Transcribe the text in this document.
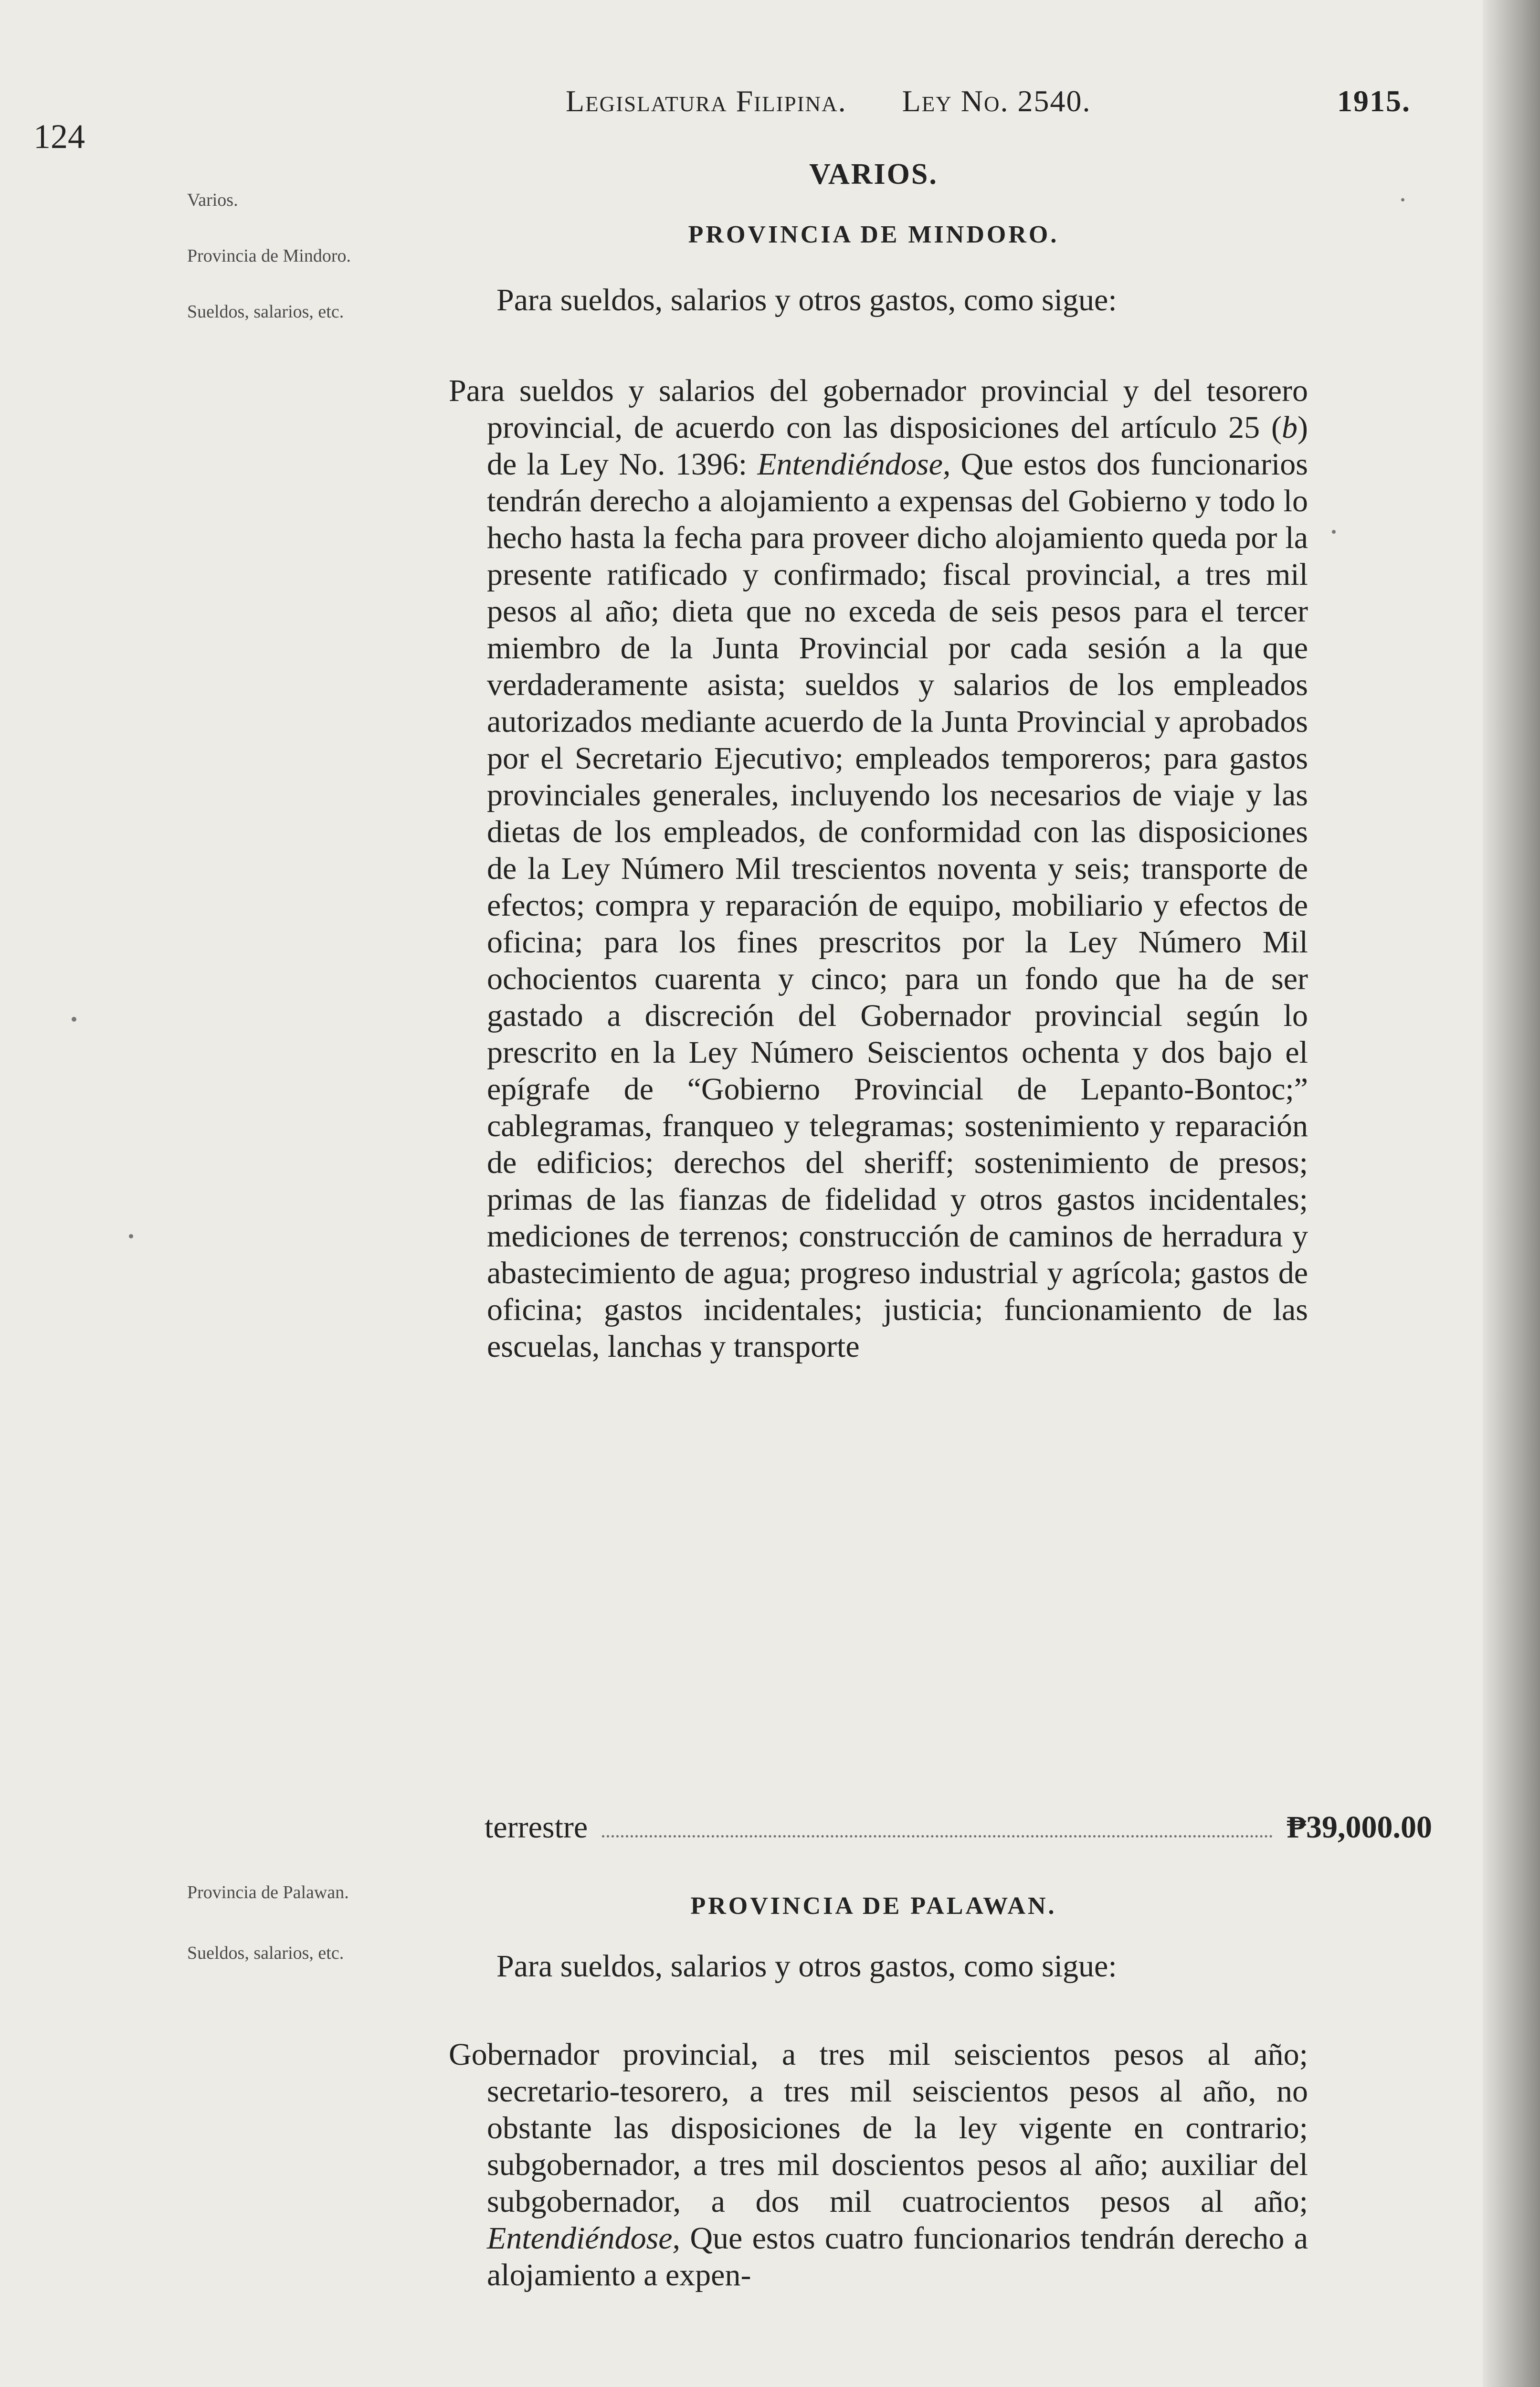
124
Legislatura Filipina. Ley No. 2540.	1915.
VARIOS.
PROVINCIA DE MINDORO.
Varios.
Provincia de Mindoro.
Sueldos, salarios, etc.	Para sueldos, salarios y otros gastos, como sigue:

Para sueldos y salarios del gobernador provincial y del tesorero provincial, de acuerdo con las disposiciones del artículo 25 (b) de la Ley No. 1396: Entendiéndose, Que estos dos funcionarios tendrán derecho a alojamiento a expensas del Gobierno y todo lo hecho hasta la fecha para proveer dicho alojamiento queda por la presente ratificado y confirmado; fiscal provincial, a tres mil pesos al año; dieta que no exceda de seis pesos para el tercer miembro de la Junta Provincial por cada sesión a la que verdaderamente asista; sueldos y salarios de los empleados autorizados mediante acuerdo de la Junta Provincial y aprobados por el Secretario Ejecutivo; empleados temporeros; para gastos provinciales generales, incluyendo los necesarios de viaje y las dietas de los empleados, de conformidad con las disposiciones de la Ley Número Mil trescientos noventa y seis; transporte de efectos; compra y reparación de equipo, mobiliario y efectos de oficina; para los fines prescritos por la Ley Número Mil ochocientos cuarenta y cinco; para un fondo que ha de ser gastado a discreción del Gobernador provincial según lo prescrito en la Ley Número Seiscientos ochenta y dos bajo el epígrafe de “Gobierno Provincial de Lepanto-Bontoc;” cablegramas, franqueo y telegramas; sostenimiento y reparación de edificios; derechos del sheriff; sostenimiento de presos; primas de las fianzas de fidelidad y otros gastos incidentales; mediciones de terrenos; construcción de caminos de herradura y abastecimiento de agua; progreso industrial y agrícola; gastos de oficina; gastos incidentales; justicia; funcionamiento de las escuelas, lanchas y transporte

terrestre	₱39,000.00
Provincia de Palawan.
Sueldos, salarios, etc.
PROVINCIA DE PALAWAN.

Para sueldos, salarios y otros gastos, como sigue:

Gobernador provincial, a tres mil seiscientos pesos al año; secretario-tesorero, a tres mil seiscientos pesos al año, no obstante las disposiciones de la ley vigente en contrario; subgobernador, a tres mil doscientos pesos al año; auxiliar del subgobernador, a dos mil cuatrocientos pesos al año; Entendiéndose, Que estos cuatro funcionarios tendrán derecho a alojamiento a expen-
